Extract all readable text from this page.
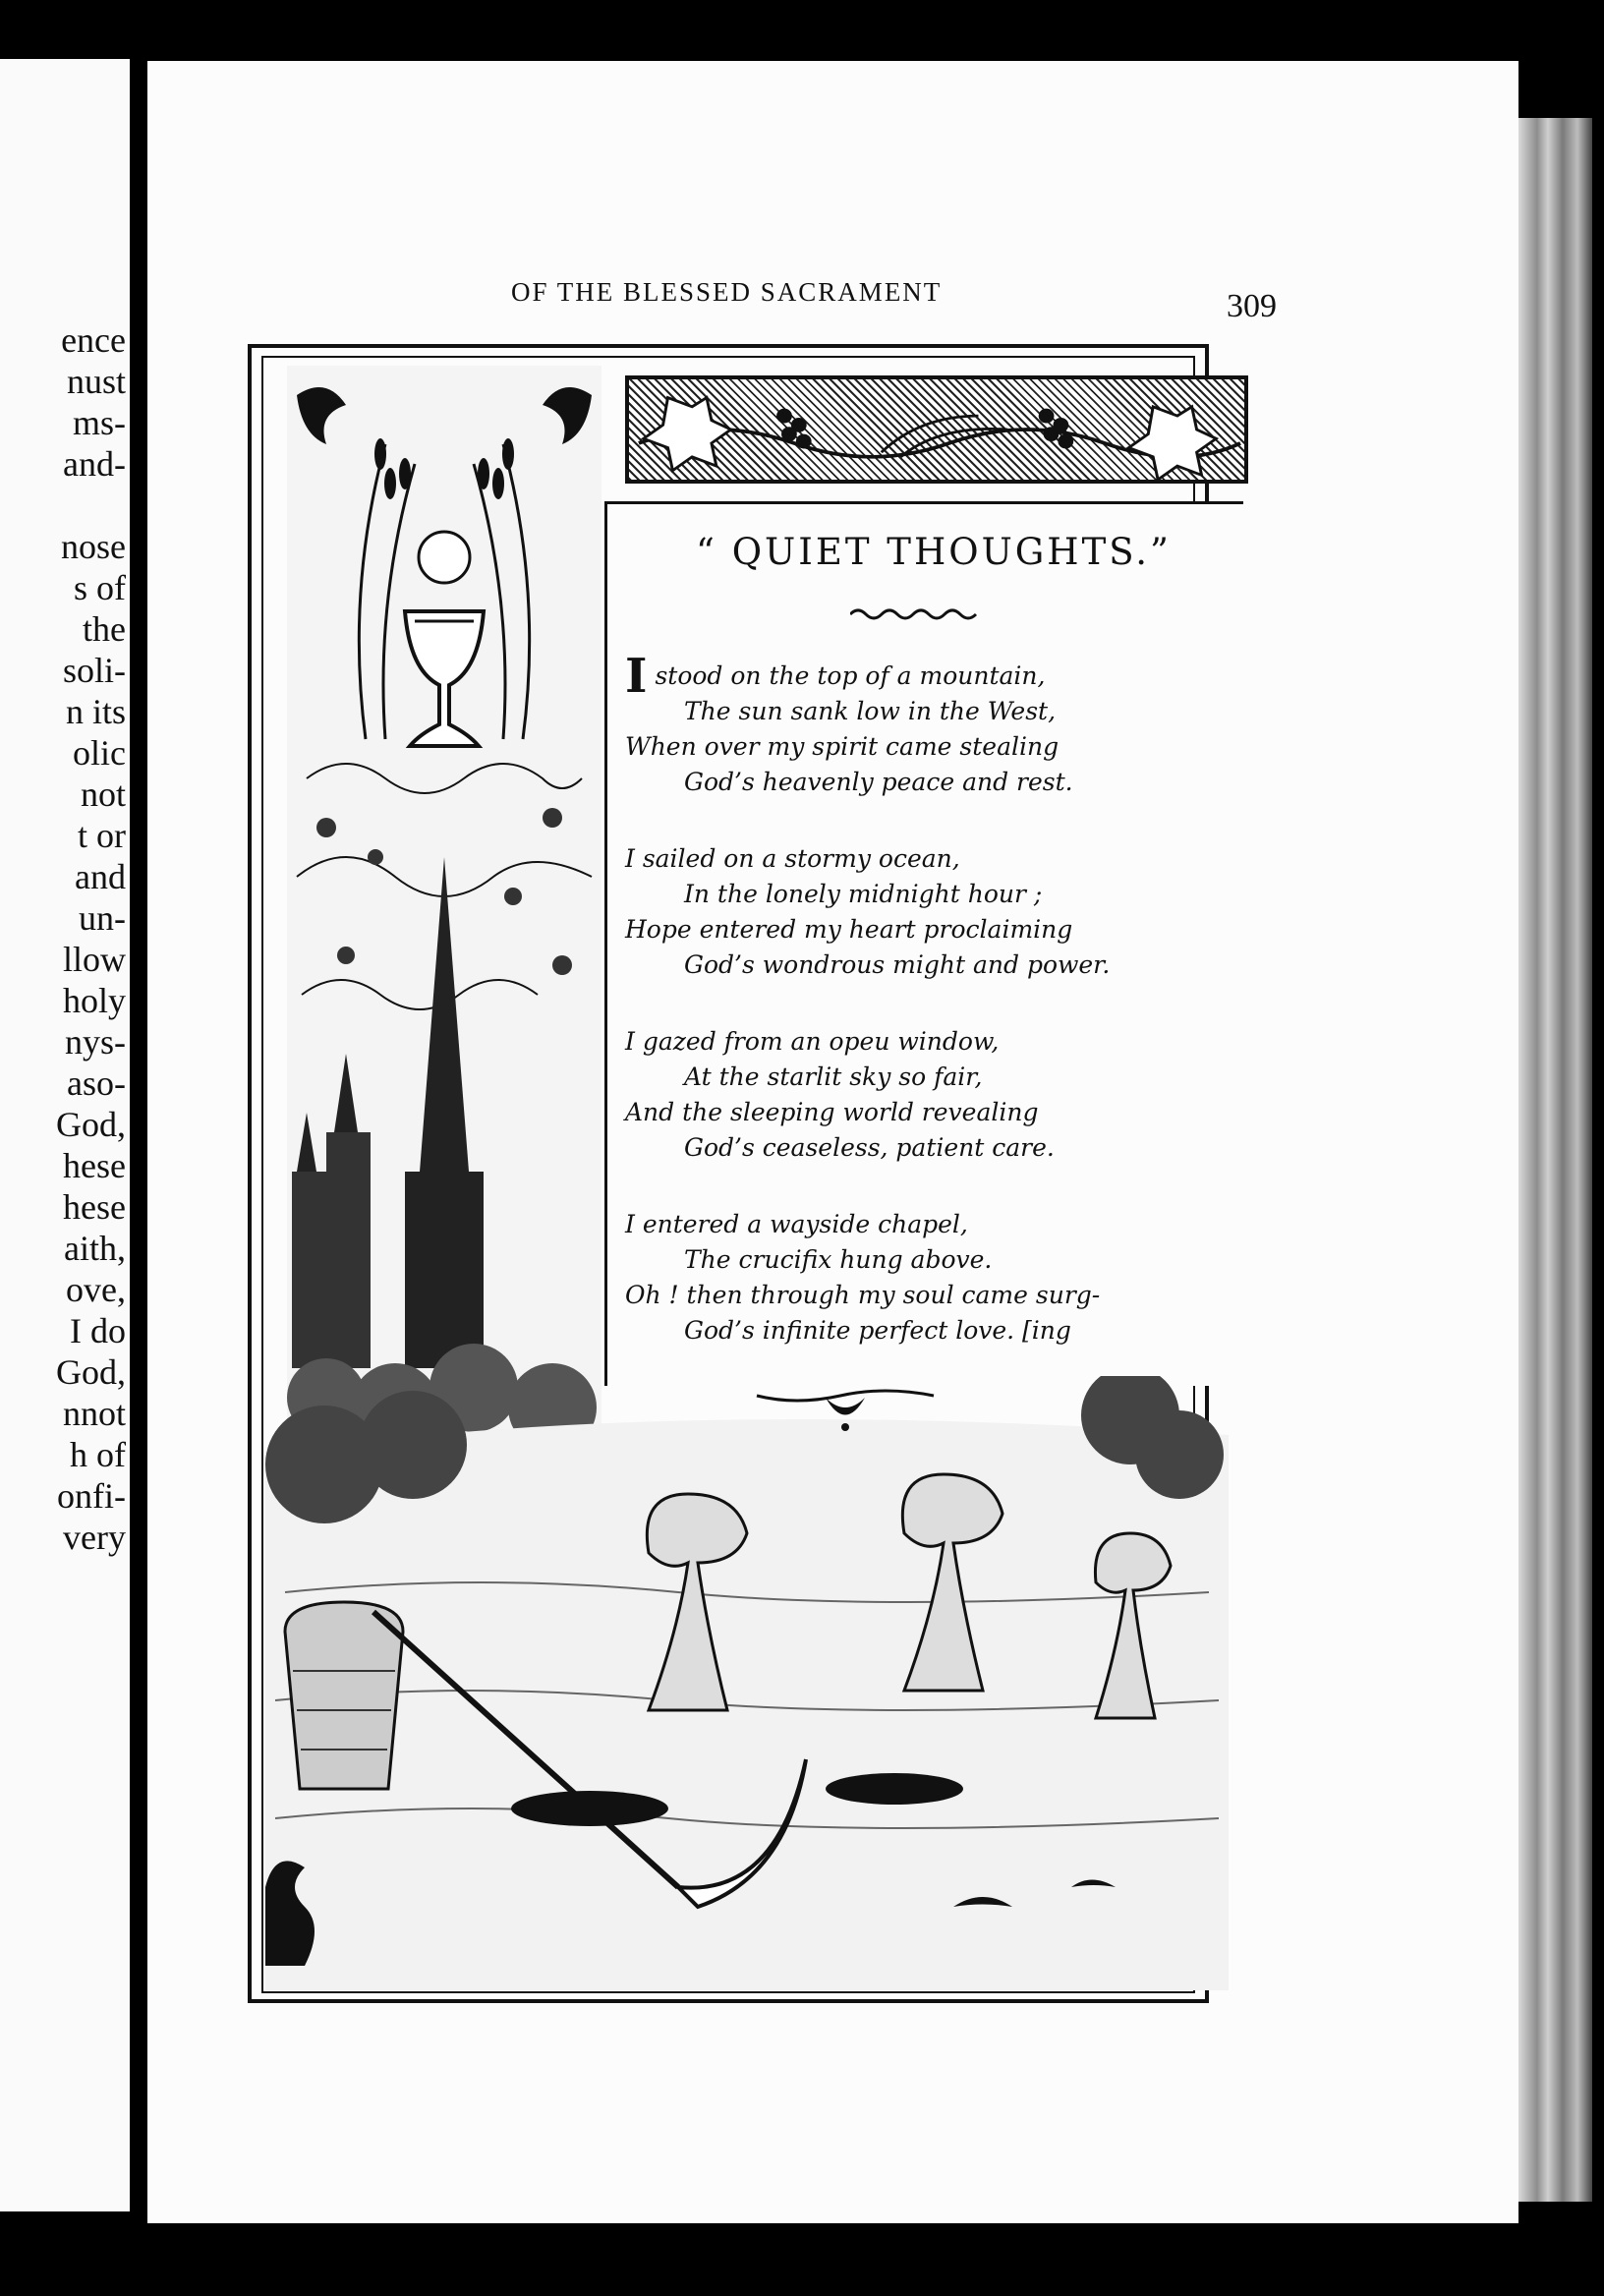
ence
nust
ms-
and-
nose
s of
the
soli-
n its
olic
not
t or
and
un-
llow
holy
nys-
aso-
God,
hese
hese
aith,
ove,
I do
God,
nnot
h of
onfi-
very
OF THE BLESSED SACRAMENT	309
“ QUIET THOUGHTS.”
Istood on the top of a mountain,
The sun sank low in the West,
When over my spirit came stealing
God’s heavenly peace and rest.
I sailed on a stormy ocean,
In the lonely midnight hour ;
Hope entered my heart proclaiming
God’s wondrous might and power.
I gazed from an opeu window,
At the starlit sky so fair,
And the sleeping world revealing
God’s ceaseless, patient care.
I entered a wayside chapel,
The crucifix hung above.
Oh ! then through my soul came surg-
God’s infinite perfect love. [ing
